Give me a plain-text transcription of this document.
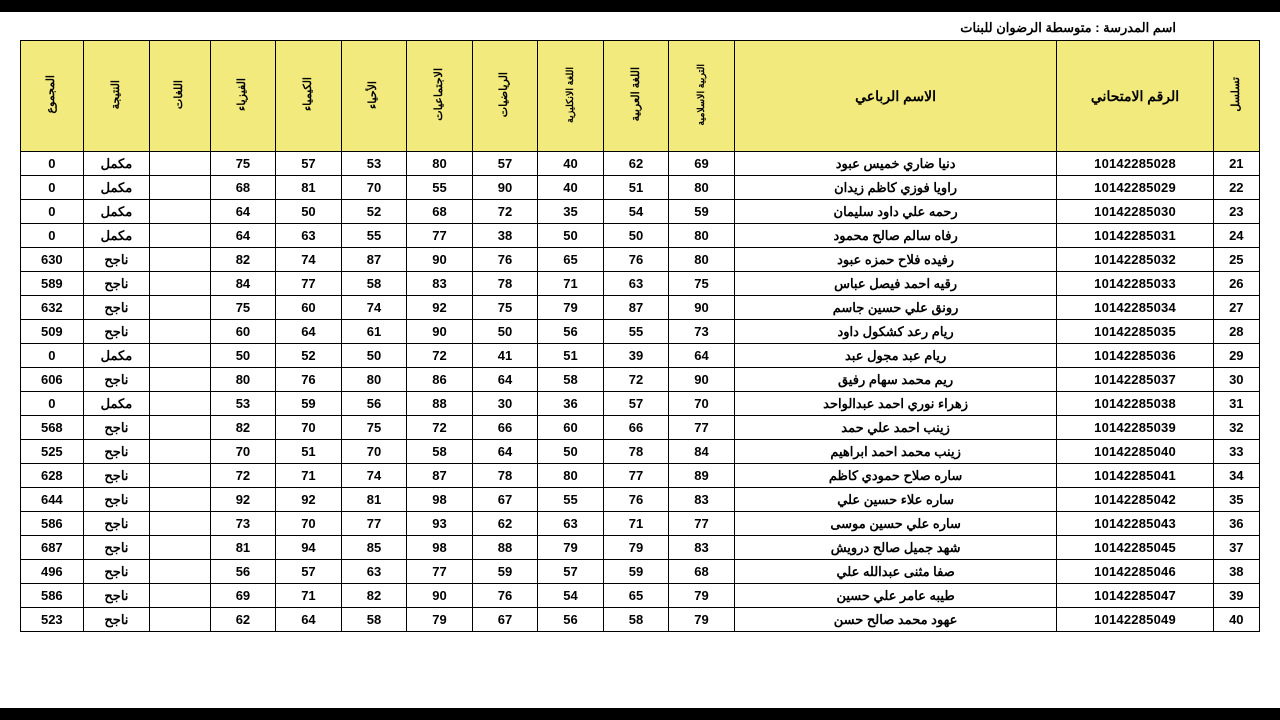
اسم المدرسة : متوسطة الرضوان للبنات
تسلسل	الرقم الامتحاني	الاسم الرباعي	التربية الاسلامية	اللغة العربية	اللغة الانكليزية	الرياضيات	الاجتماعيات	الأحياء	الكيمياء	الفيزياء	اللغات	النتيجة	المجموع
21	10142285028	دنيا ضاري خميس عبود	69	62	40	57	80	53	57	75		مكمل	0
22	10142285029	راويا فوزي كاظم زيدان	80	51	40	90	55	70	81	68		مكمل	0
23	10142285030	رحمه علي داود سليمان	59	54	35	72	68	52	50	64		مكمل	0
24	10142285031	رفاه سالم صالح محمود	80	50	50	38	77	55	63	64		مكمل	0
25	10142285032	رفيده فلاح حمزه عبود	80	76	65	76	90	87	74	82		ناجح	630
26	10142285033	رقيه احمد فيصل عباس	75	63	71	78	83	58	77	84		ناجح	589
27	10142285034	رونق علي حسين جاسم	90	87	79	75	92	74	60	75		ناجح	632
28	10142285035	ريام رعد كشكول داود	73	55	56	50	90	61	64	60		ناجح	509
29	10142285036	ريام عبد مجول عبد	64	39	51	41	72	50	52	50		مكمل	0
30	10142285037	ريم محمد سهام رفيق	90	72	58	64	86	80	76	80		ناجح	606
31	10142285038	زهراء نوري احمد عبدالواحد	70	57	36	30	88	56	59	53		مكمل	0
32	10142285039	زينب احمد علي حمد	77	66	60	66	72	75	70	82		ناجح	568
33	10142285040	زينب محمد احمد ابراهيم	84	78	50	64	58	70	51	70		ناجح	525
34	10142285041	ساره صلاح حمودي كاظم	89	77	80	78	87	74	71	72		ناجح	628
35	10142285042	ساره علاء حسين علي	83	76	55	67	98	81	92	92		ناجح	644
36	10142285043	ساره علي حسين موسى	77	71	63	62	93	77	70	73		ناجح	586
37	10142285045	شهد جميل صالح درويش	83	79	79	88	98	85	94	81		ناجح	687
38	10142285046	صفا مثنى عبدالله علي	68	59	57	59	77	63	57	56		ناجح	496
39	10142285047	طيبه عامر علي حسين	79	65	54	76	90	82	71	69		ناجح	586
40	10142285049	عهود محمد صالح حسن	79	58	56	67	79	58	64	62		ناجح	523
